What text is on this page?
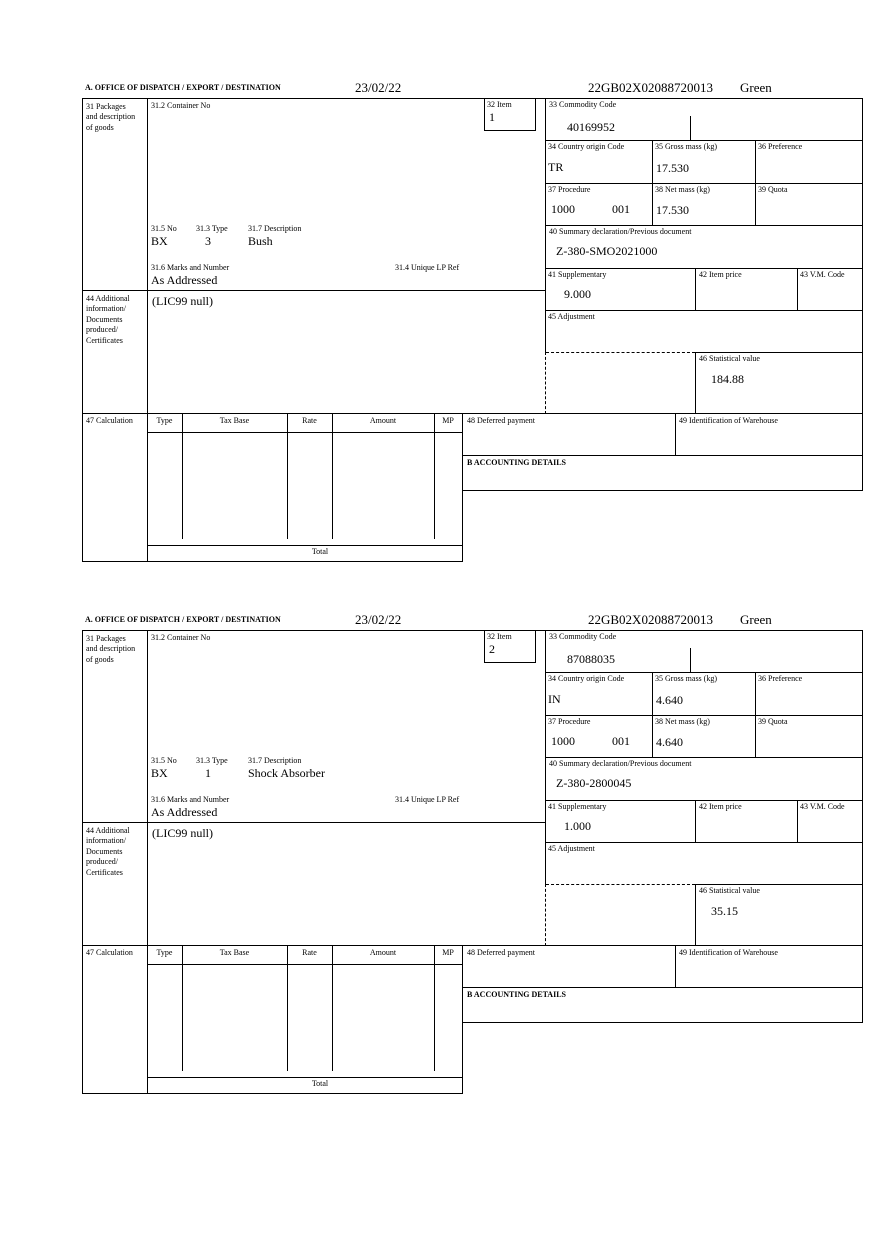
A. OFFICE OF DISPATCH / EXPORT / DESTINATION	23/02/22	22GB02X02088720013 Green
31 Packages and description of goods
44 Additional information/ Documents produced/ Certificates
47 Calculation
31.2 Container No	32 Item
1
31.5 No 31.3 Type	31.7 Description
BX	3	Bush
31.6 Marks and Number	31.4 Unique LP Ref
As Addressed
(LIC99 null)
33 Commodity Code
40169952
34 Country origin Code
TR
35 Gross mass (kg)
17.530
36 Preference
37 Procedure
1000	001
38 Net mass (kg)
17.530
39 Quota
40 Summary declaration/Previous document
Z-380-SMO2021000
41 Supplementary
9.000
42 Item price	43 V.M. Code
45 Adjustment
46 Statistical value
184.88
Type	Tax Base	Rate	Amount	MP
Total
48 Deferred payment	49 Identification of Warehouse
B ACCOUNTING DETAILS
A. OFFICE OF DISPATCH / EXPORT / DESTINATION	23/02/22	22GB02X02088720013 Green
31 Packages and description of goods
44 Additional information/ Documents produced/ Certificates
47 Calculation
31.2 Container No	32 Item
2
31.5 No 31.3 Type	31.7 Description
BX	1	Shock Absorber
31.6 Marks and Number	31.4 Unique LP Ref
As Addressed
(LIC99 null)
33 Commodity Code
87088035
34 Country origin Code
IN
35 Gross mass (kg)
4.640
36 Preference
37 Procedure
1000	001
38 Net mass (kg)
4.640
39 Quota
40 Summary declaration/Previous document
Z-380-2800045
41 Supplementary
1.000
42 Item price	43 V.M. Code
45 Adjustment
46 Statistical value
35.15
Type	Tax Base	Rate	Amount	MP
Total
48 Deferred payment	49 Identification of Warehouse
B ACCOUNTING DETAILS
